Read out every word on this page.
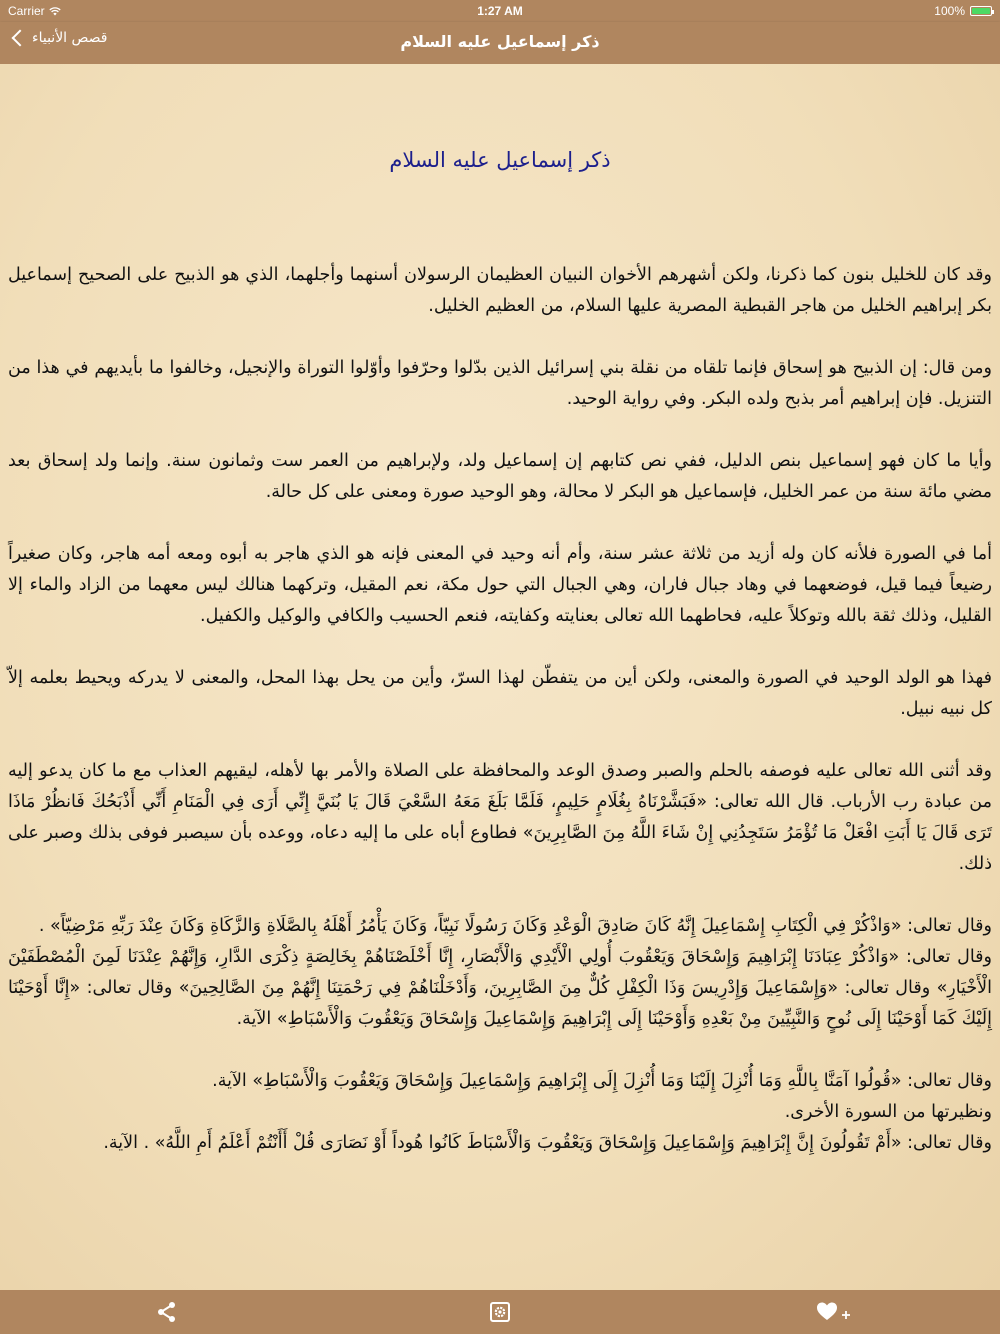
Carrier	1:27 AM	100%
قصص الأنبياء	ذكر إسماعيل عليه السلام
ذكر إسماعيل عليه السلام

وقد كان للخليل بنون كما ذكرنا، ولكن أشهرهم الأخوان النبيان العظيمان الرسولان أسنهما وأجلهما، الذي هو الذبيح على الصحيح إسماعيل بكر إبراهيم الخليل من هاجر القبطية المصرية عليها السلام، من العظيم الخليل.

ومن قال: إن الذبيح هو إسحاق فإنما تلقاه من نقلة بني إسرائيل الذين بدّلوا وحرّفوا وأوّلوا التوراة والإنجيل، وخالفوا ما بأيديهم في هذا من التنزيل. فإن إبراهيم أمر بذبح ولده البكر. وفي رواية الوحيد.

وأيا ما كان فهو إسماعيل بنص الدليل، ففي نص كتابهم إن إسماعيل ولد، ولإبراهيم من العمر ست وثمانون سنة. وإنما ولد إسحاق بعد مضي مائة سنة من عمر الخليل، فإسماعيل هو البكر لا محالة، وهو الوحيد صورة ومعنى على كل حالة.

أما في الصورة فلأنه كان وله أزيد من ثلاثة عشر سنة، وأم أنه وحيد في المعنى فإنه هو الذي هاجر به أبوه ومعه أمه هاجر، وكان صغيراً رضيعاً فيما قيل، فوضعهما في وهاد جبال فاران، وهي الجبال التي حول مكة، نعم المقيل، وتركهما هنالك ليس معهما من الزاد والماء إلا القليل، وذلك ثقة بالله وتوكلاً عليه، فحاطهما الله تعالى بعنايته وكفايته، فنعم الحسيب والكافي والوكيل والكفيل.

فهذا هو الولد الوحيد في الصورة والمعنى، ولكن أين من يتفطّن لهذا السرّ، وأين من يحل بهذا المحل، والمعنى لا يدركه ويحيط بعلمه إلاّ كل نبيه نبيل.

وقد أثنى الله تعالى عليه فوصفه بالحلم والصبر وصدق الوعد والمحافظة على الصلاة والأمر بها لأهله، ليقيهم العذاب مع ما كان يدعو إليه من عبادة رب الأرباب. قال الله تعالى: «فَبَشَّرْنَاهُ بِغُلَامٍ حَلِيمٍ، فَلَمَّا بَلَغَ مَعَهُ السَّعْيَ قَالَ يَا بُنَيَّ إِنِّي أَرَى فِي الْمَنَامِ أَنِّي أَذْبَحُكَ فَانظُرْ مَاذَا تَرَى قَالَ يَا أَبَتِ افْعَلْ مَا تُؤْمَرُ سَتَجِدُنِي إِنْ شَاءَ اللَّهُ مِنَ الصَّابِرِينَ» فطاوع أباه على ما إليه دعاه، ووعده بأن سيصبر فوفى بذلك وصبر على ذلك.

وقال تعالى: «وَاذْكُرْ فِي الْكِتَابِ إِسْمَاعِيلَ إِنَّهُ كَانَ صَادِقَ الْوَعْدِ وَكَانَ رَسُولًا نَبِيّاً، وَكَانَ يَأْمُرُ أَهْلَهُ بِالصَّلَاةِ وَالزَّكَاةِ وَكَانَ عِنْدَ رَبِّهِ مَرْضِيّاً» .

وقال تعالى: «وَاذْكُرْ عِبَادَنَا إِبْرَاهِيمَ وَإِسْحَاقَ وَيَعْقُوبَ أُولِي الْأَيْدِي وَالْأَبْصَارِ، إِنَّا أَخْلَصْنَاهُمْ بِخَالِصَةٍ ذِكْرَى الدَّارِ، وَإِنَّهُمْ عِنْدَنَا لَمِنَ الْمُصْطَفَيْنَ الْأَخْيَارِ» وقال تعالى: «وَإِسْمَاعِيلَ وَإِدْرِيسَ وَذَا الْكِفْلِ كُلٌّ مِنَ الصَّابِرِينَ، وَأَدْخَلْنَاهُمْ فِي رَحْمَتِنَا إِنَّهُمْ مِنَ الصَّالِحِينَ» وقال تعالى: «إِنَّا أَوْحَيْنَا إِلَيْكَ كَمَا أَوْحَيْنَا إِلَى نُوحٍ وَالنَّبِيِّينَ مِنْ بَعْدِهِ وَأَوْحَيْنَا إِلَى إِبْرَاهِيمَ وَإِسْمَاعِيلَ وَإِسْحَاقَ وَيَعْقُوبَ وَالْأَسْبَاطِ» الآية.

وقال تعالى: «قُولُوا آمَنَّا بِاللَّهِ وَمَا أُنْزِلَ إِلَيْنَا وَمَا أُنْزِلَ إِلَى إِبْرَاهِيمَ وَإِسْمَاعِيلَ وَإِسْحَاقَ وَيَعْقُوبَ وَالْأَسْبَاطِ» الآية.

ونظيرتها من السورة الأخرى.

وقال تعالى: «أَمْ تَقُولُونَ إِنَّ إِبْرَاهِيمَ وَإِسْمَاعِيلَ وَإِسْحَاقَ وَيَعْقُوبَ وَالْأَسْبَاطَ كَانُوا هُوداً أَوْ نَصَارَى قُلْ أَأَنْتُمْ أَعْلَمُ أَمِ اللَّهُ» . الآية.
